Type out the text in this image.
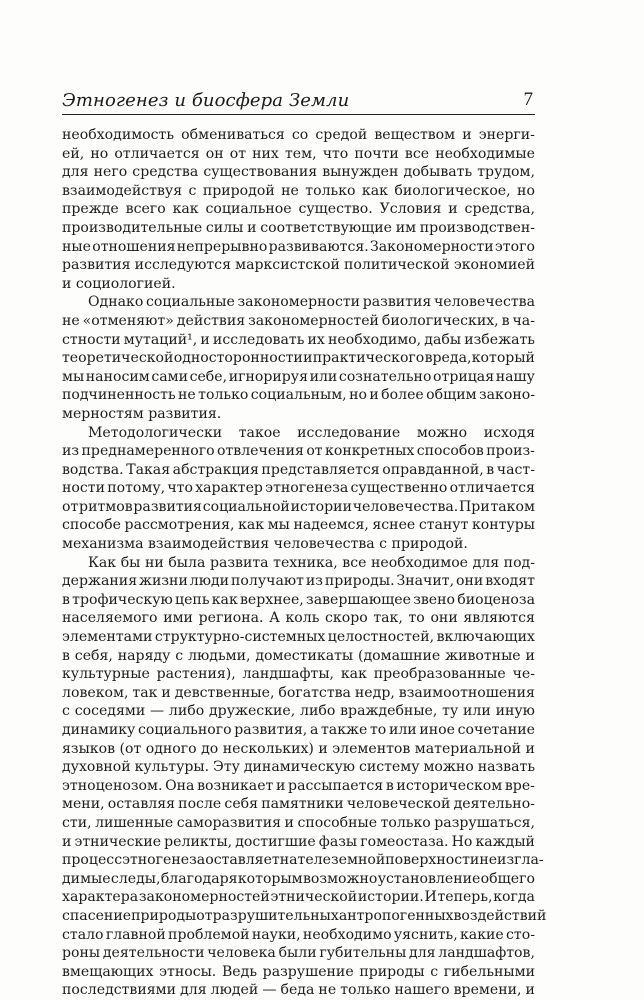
Этногенез и биосфера Земли	7
необходимость обмениваться со средой веществом и энерги-
ей, но отличается он от них тем, что почти все необходимые
для него средства существования вынужден добывать трудом,
взаимодействуя с природой не только как биологическое, но
прежде всего как социальное существо. Условия и средства,
производительные силы и соответствующие им производствен-
ные отношения непрерывно развиваются. Закономерности этого
развития исследуются марксистской политической экономией
и социологией.
Однако социальные закономерности развития человечества
не «отменяют» действия закономерностей биологических, в ча-
стности мутаций¹, и исследовать их необходимо, дабы избежать
теоретической односторонности и практического вреда, который
мы наносим сами себе, игнорируя или сознательно отрицая нашу
подчиненность не только социальным, но и более общим законо-
мерностям развития.
Методологически такое исследование можно исходя
из преднамеренного отвлечения от конкретных способов произ-
водства. Такая абстракция представляется оправданной, в част-
ности потому, что характер этногенеза существенно отличается
от ритмов развития социальной истории человечества. При таком
способе рассмотрения, как мы надеемся, яснее станут контуры
механизма взаимодействия человечества с природой.
Как бы ни была развита техника, все необходимое для под-
держания жизни люди получают из природы. Значит, они входят
в трофическую цепь как верхнее, завершающее звено биоценоза
населяемого ими региона. А коль скоро так, то они являются
элементами структурно-системных целостностей, включающих
в себя, наряду с людьми, доместикаты (домашние животные и
культурные растения), ландшафты, как преобразованные че-
ловеком, так и девственные, богатства недр, взаимоотношения
с соседями — либо дружеские, либо враждебные, ту или иную
динамику социального развития, а также то или иное сочетание
языков (от одного до нескольких) и элементов материальной и
духовной культуры. Эту динамическую систему можно назвать
этноценозом. Она возникает и рассыпается в историческом вре-
мени, оставляя после себя памятники человеческой деятельно-
сти, лишенные саморазвития и способные только разрушаться,
и этнические реликты, достигшие фазы гомеостаза. Но каждый
процесс этногенеза оставляет на теле земной поверхности неизгла-
димые следы, благодаря которым возможно установление общего
характера закономерностей этнической истории. И теперь, когда
спасение природы от разрушительных антропогенных воздействий
стало главной проблемой науки, необходимо уяснить, какие сто-
роны деятельности человека были губительны для ландшафтов,
вмещающих этносы. Ведь разрушение природы с гибельными
последствиями для людей — беда не только нашего времени, и
